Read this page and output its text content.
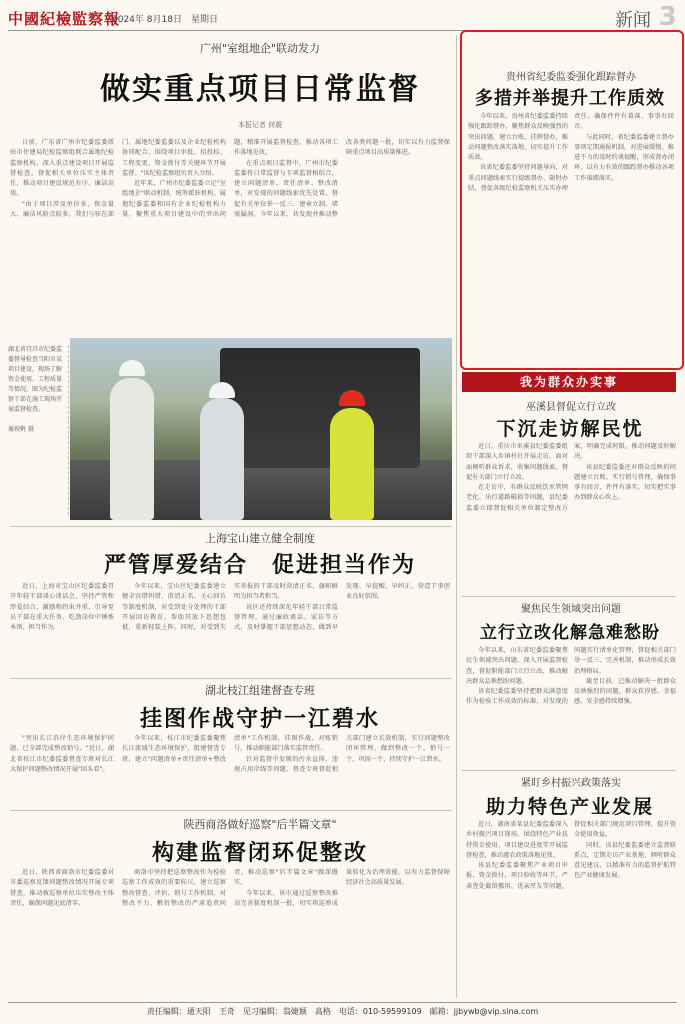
中國紀檢監察報
2024年 8月18日　星期日	新闻 3
广州"室组地企"联动发力
做实重点项目日常监督
本报记者 何震

日前，广东省广州市纪委监委派驻市住建局纪检监察组联合属地纪检监察机构，深入重点建设项目开展监督检查，督促相关单位压实主体责任，推动项目建设规范有序、廉洁高效。

"由于项目涉及单位多、资金量大、廉洁风险点较多，我们与驻在部门、属地纪委监委以及企业纪检机构协同配合，围绕项目审批、招投标、工程变更、资金拨付等关键环节开展监督。"该纪检监察组负责人介绍。

近年来，广州市纪委监委立足"室组地企"联动机制，统筹派驻机构、属地纪委监委和国有企业纪检机构力量，聚焦重大项目建设中的突出问题，精准开展监督检查，推动各项工作落地见效。

在重点项目监督中，广州市纪委监委将日常监督与专项监督相结合，建立问题清单、责任清单、整改清单，对发现的问题线索优先处置，督促有关单位举一反三、建章立制、堵塞漏洞。今年以来，共发现并推动整改各类问题一批，切实以有力监督保障重点项目高质量推进。

湖北省宜昌市纪委监委督导检查当阳市某项目建设，现场了解资金使用、工程质量等情况。图为纪检监察干部在施工现场开展监督检查。

谢祝帆 摄
上海宝山建立健全制度
严管厚爱结合　促进担当作为

近日，上海市宝山区纪委监委召开年轻干部谈心谈话会，坚持严管和厚爱结合、激励和约束并重，引导党员干部在重大任务、吃劲岗位中锤炼本领、担当作为。

今年以来，宝山区纪委监委建立健全容错纠错、澄清正名、关心回访等制度机制，对受到处分处理的干部开展回访教育，帮助其放下思想包袱，重新轻装上阵。同时，对受到失实举报的干部及时澄清正名，旗帜鲜明为担当者担当。

该区还持续深化年轻干部日常监督管理，通过廉政谈话、家访等方式，及时掌握干部思想动态，做到早发现、早提醒、早纠正，营造干事创业良好氛围。

湖北枝江组建督查专班
挂图作战守护一江碧水

"突出长江沿岸生态环境保护问题，已全部完成整改销号。"近日，湖北省枝江市纪委监委督查专班对长江大保护问题整改情况开展"回头看"。

今年以来，枝江市纪委监委聚焦长江流域生态环境保护，组建督查专班，建立"问题清单+责任清单+整改清单"工作机制，挂图作战、对账销号，推动职能部门落实监管责任。

针对监督中发现的污水直排、违规占用岸线等问题，督查专班督促相关部门建立长效机制，实行问题整改闭环管理，做到整改一个、销号一个、巩固一个，持续守护一江碧水。

陕西商洛做好巡察"后半篇文章"
构建监督闭环促整改

近日，陕西省商洛市纪委监委对市委巡察反馈问题整改情况开展专项督查，推动被巡察单位压实整改主体责任，确保问题见底清零。

商洛市坚持把巡察整改作为检验巡察工作成效的重要标尺，建立巡察整改督查、评估、销号工作机制，对整改不力、敷衍整改的严肃追责问责，推动巡察"后半篇文章"做深做实。

今年以来，该市通过巡察整改推动完善制度机制一批，切实将巡察成果转化为治理效能，以有力监督保障经济社会高质量发展。

贵州省纪委监委强化跟踪督办
多措并举提升工作质效

今年以来，贵州省纪委监委持续强化跟踪督办，聚焦群众反映强烈的突出问题，建立台账、挂牌督办，推动问题整改落实落地，切实提升工作质效。

该省纪委监委坚持问题导向，对重点问题线索实行提级督办、限时办结，督促各级纪检监察机关压实办理责任，确保件件有着落、事事有回音。

与此同时，省纪委监委建立督办事项定期通报机制，对进展缓慢、推进不力的及时约谈提醒，形成督办闭环，以有力有效的跟踪督办推动各项工作落细落实。

我为群众办实事
巫溪县督促立行立改
下沉走访解民忧

近日，重庆市巫溪县纪委监委组织干部深入乡镇村社开展走访，面对面倾听群众诉求，收集问题线索，督促有关部门立行立改。

在走访中，有群众反映饮水管网老化、出行道路破损等问题，县纪委监委立即督促相关单位制定整改方案，明确完成时限，推动问题及时解决。

该县纪委监委还对群众反映的问题建立台账，实行销号管理，确保事事有回音、件件有落实，切实把实事办到群众心坎上。

聚焦民生领域突出问题
立行立改化解急难愁盼

今年以来，山东省纪委监委聚焦民生领域突出问题，深入开展监督检查，督促职能部门立行立改，推动解决群众急难愁盼问题。

该省纪委监委坚持把群众满意度作为检验工作成效的标准，对发现的问题实行清单化管理，督促相关部门举一反三、完善机制，推动形成长效治理格局。

截至目前，已推动解决一批群众反映强烈的问题，群众获得感、幸福感、安全感持续增强。

紧盯乡村振兴政策落实
助力特色产业发展

近日，湖南省某县纪委监委深入乡村振兴项目现场，围绕特色产业扶持资金使用、项目建设进度等开展监督检查，推动惠农政策落地见效。

该县纪委监委聚焦产业项目申报、资金拨付、项目验收等环节，严肃查处截留挪用、优亲厚友等问题，督促相关部门规范项目管理，提升资金使用效益。

同时，该县纪委监委建立监督联系点，定期走访产业基地，倾听群众意见建议，以精准有力的监督护航特色产业健康发展。

责任编辑：通天阳　王奇　见习编辑：翁婕颖　高格　电话：010-59599109　邮箱：jjbywb@vip.sina.com
